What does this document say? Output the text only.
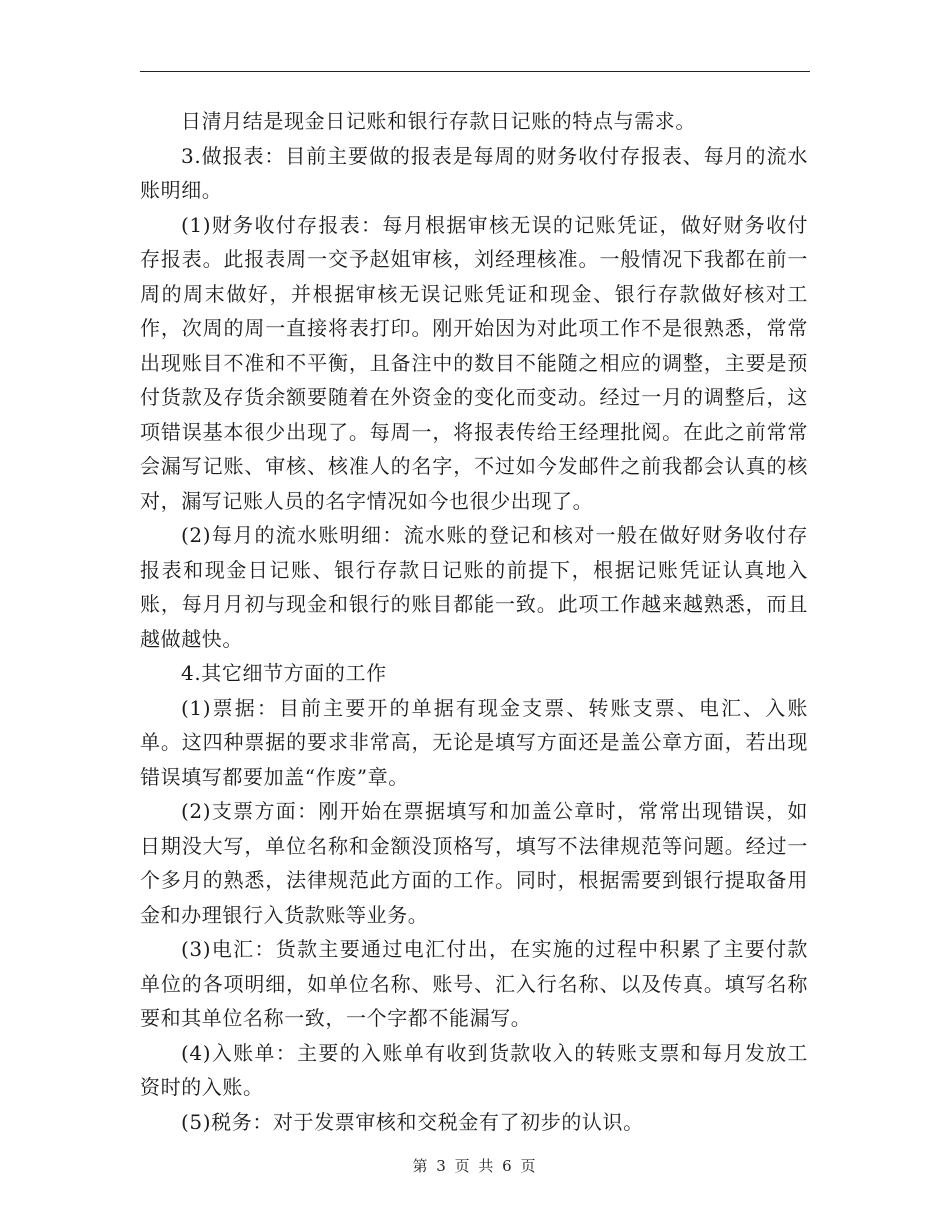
日清月结是现金日记账和银行存款日记账的特点与需求。

3.做报表：目前主要做的报表是每周的财务收付存报表、每月的流水账明细。

(1)财务收付存报表：每月根据审核无误的记账凭证，做好财务收付存报表。此报表周一交予赵姐审核，刘经理核准。一般情况下我都在前一周的周末做好，并根据审核无误记账凭证和现金、银行存款做好核对工作，次周的周一直接将表打印。刚开始因为对此项工作不是很熟悉，常常出现账目不准和不平衡，且备注中的数目不能随之相应的调整，主要是预付货款及存货余额要随着在外资金的变化而变动。经过一月的调整后，这项错误基本很少出现了。每周一，将报表传给王经理批阅。在此之前常常会漏写记账、审核、核准人的名字，不过如今发邮件之前我都会认真的核对，漏写记账人员的名字情况如今也很少出现了。

(2)每月的流水账明细：流水账的登记和核对一般在做好财务收付存报表和现金日记账、银行存款日记账的前提下，根据记账凭证认真地入账，每月月初与现金和银行的账目都能一致。此项工作越来越熟悉，而且越做越快。

4.其它细节方面的工作

(1)票据：目前主要开的单据有现金支票、转账支票、电汇、入账单。这四种票据的要求非常高，无论是填写方面还是盖公章方面，若出现错误填写都要加盖“作废”章。

(2)支票方面：刚开始在票据填写和加盖公章时，常常出现错误，如日期没大写，单位名称和金额没顶格写，填写不法律规范等问题。经过一个多月的熟悉，法律规范此方面的工作。同时，根据需要到银行提取备用金和办理银行入货款账等业务。

(3)电汇：货款主要通过电汇付出，在实施的过程中积累了主要付款单位的各项明细，如单位名称、账号、汇入行名称、以及传真。填写名称要和其单位名称一致，一个字都不能漏写。

(4)入账单：主要的入账单有收到货款收入的转账支票和每月发放工资时的入账。

(5)税务：对于发票审核和交税金有了初步的认识。

第 3 页 共 6 页
